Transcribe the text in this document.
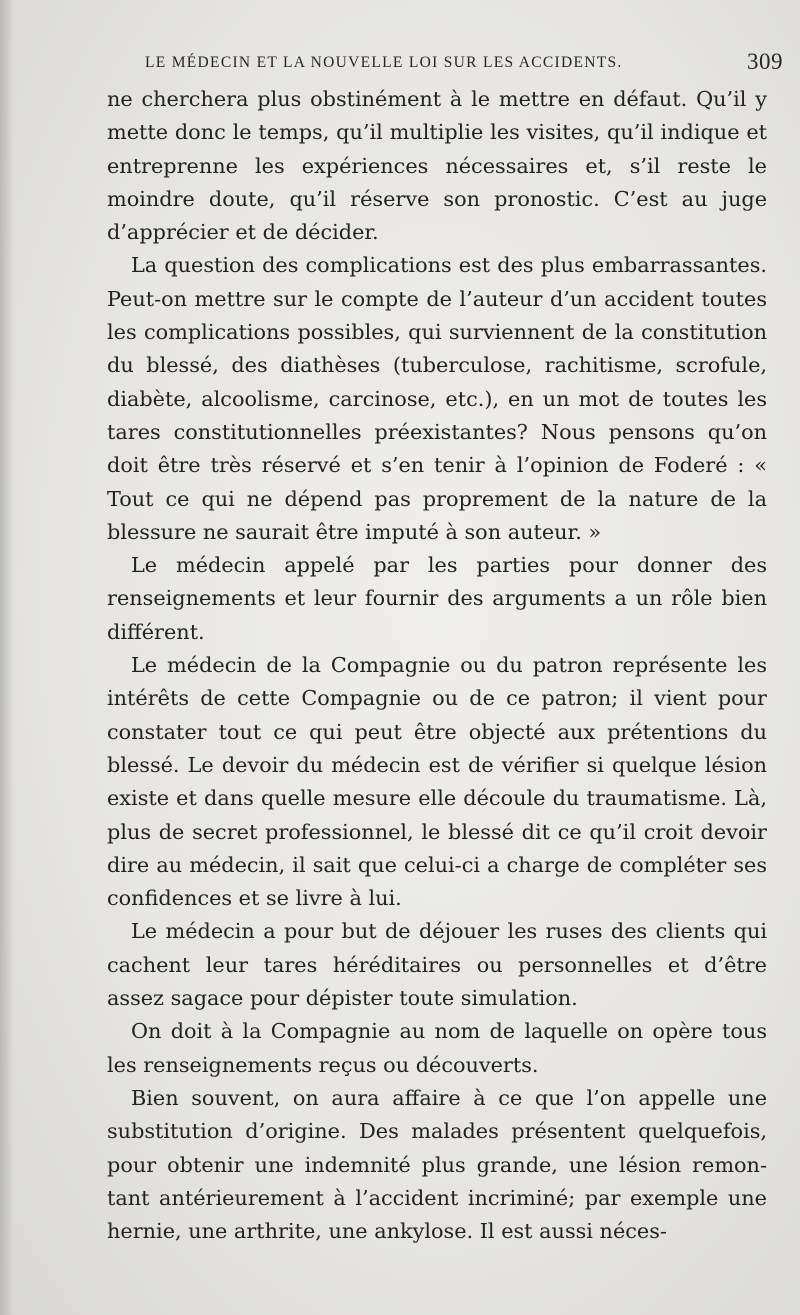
LE MÉDECIN ET LA NOUVELLE LOI SUR LES ACCIDENTS.	309

ne cherchera plus obstinément à le mettre en défaut. Qu’il y mette donc le temps, qu’il multiplie les visites, qu’il indique et entreprenne les expériences nécessaires et, s’il reste le moindre doute, qu’il réserve son pronostic. C’est au juge d’apprécier et de décider.

La question des complications est des plus embarrassantes. Peut-on mettre sur le compte de l’auteur d’un accident toutes les complications possibles, qui surviennent de la constitution du blessé, des diathèses (tuberculose, rachitisme, scrofule, diabète, alcoolisme, carcinose, etc.), en un mot de toutes les tares constitutionnelles préexistantes? Nous pensons qu’on doit être très réservé et s’en tenir à l’opinion de Foderé : « Tout ce qui ne dépend pas proprement de la nature de la blessure ne saurait être imputé à son auteur. »

Le médecin appelé par les parties pour donner des renseignements et leur fournir des arguments a un rôle bien différent.

Le médecin de la Compagnie ou du patron représente les intérêts de cette Compagnie ou de ce patron; il vient pour constater tout ce qui peut être objecté aux prétentions du blessé. Le devoir du médecin est de vérifier si quelque lésion existe et dans quelle mesure elle découle du traumatisme. Là, plus de secret professionnel, le blessé dit ce qu’il croit devoir dire au médecin, il sait que celui-ci a charge de compléter ses confidences et se livre à lui.

Le médecin a pour but de déjouer les ruses des clients qui cachent leur tares héréditaires ou personnelles et d’être assez sagace pour dépister toute simulation.

On doit à la Compagnie au nom de laquelle on opère tous les renseignements reçus ou découverts.

Bien souvent, on aura affaire à ce que l’on appelle une substitution d’origine. Des malades présentent quelquefois, pour obtenir une indemnité plus grande, une lésion remontant antérieurement à l’accident incriminé; par exemple une hernie, une arthrite, une ankylose. Il est aussi néces-
